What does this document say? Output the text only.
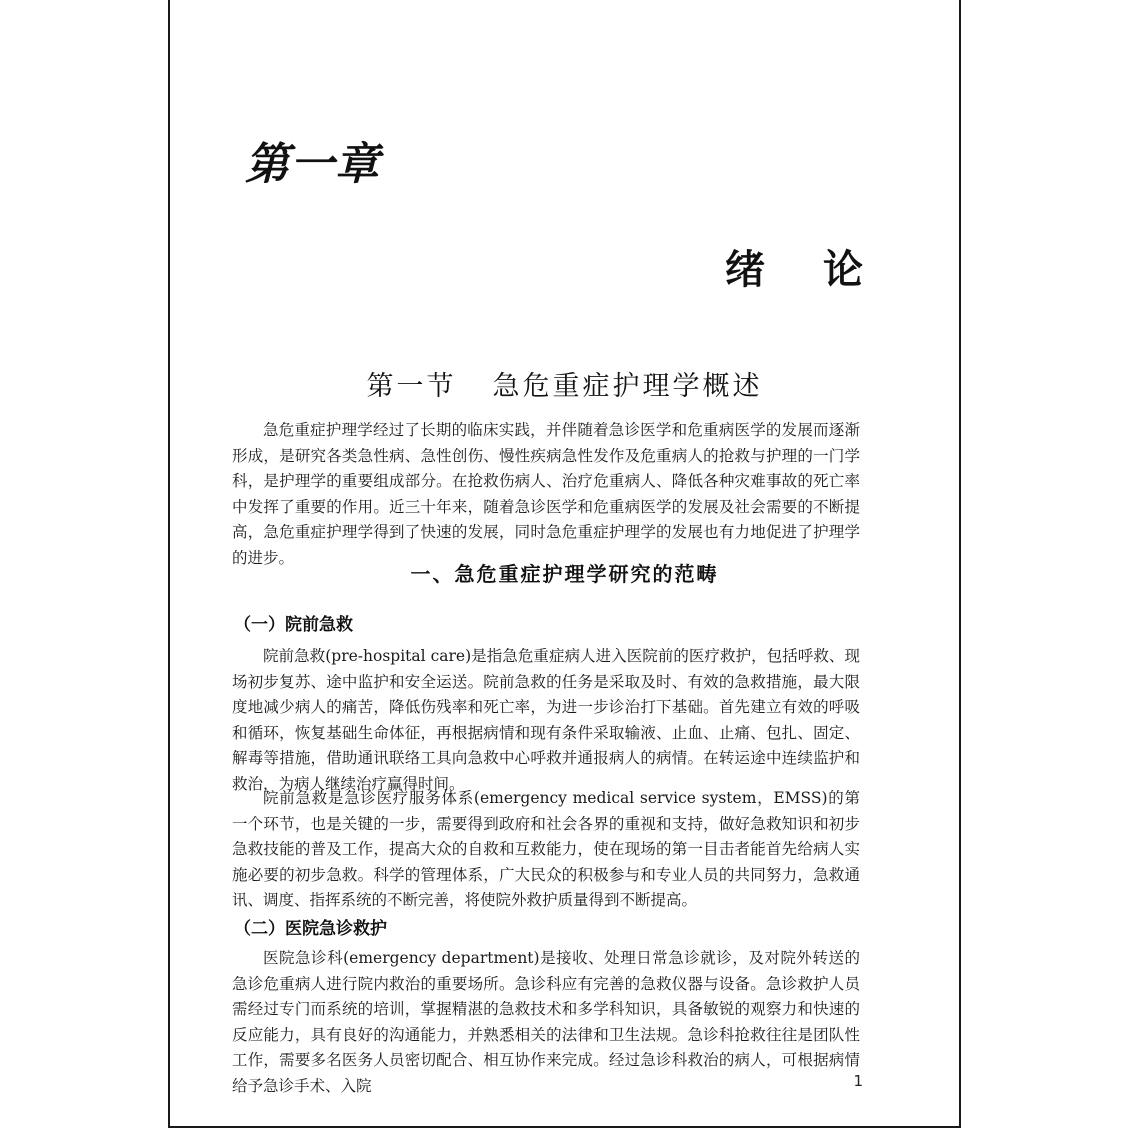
第一章
绪论
第一节 急危重症护理学概述

急危重症护理学经过了长期的临床实践，并伴随着急诊医学和危重病医学的发展而逐渐形成，是研究各类急性病、急性创伤、慢性疾病急性发作及危重病人的抢救与护理的一门学科，是护理学的重要组成部分。在抢救伤病人、治疗危重病人、降低各种灾难事故的死亡率中发挥了重要的作用。近三十年来，随着急诊医学和危重病医学的发展及社会需要的不断提高，急危重症护理学得到了快速的发展，同时急危重症护理学的发展也有力地促进了护理学的进步。

一、急危重症护理学研究的范畴
（一）院前急救

院前急救(pre-hospital care)是指急危重症病人进入医院前的医疗救护，包括呼救、现场初步复苏、途中监护和安全运送。院前急救的任务是采取及时、有效的急救措施，最大限度地减少病人的痛苦，降低伤残率和死亡率，为进一步诊治打下基础。首先建立有效的呼吸和循环，恢复基础生命体征，再根据病情和现有条件采取输液、止血、止痛、包扎、固定、解毒等措施，借助通讯联络工具向急救中心呼救并通报病人的病情。在转运途中连续监护和救治，为病人继续治疗赢得时间。

院前急救是急诊医疗服务体系(emergency medical service system，EMSS)的第一个环节，也是关键的一步，需要得到政府和社会各界的重视和支持，做好急救知识和初步急救技能的普及工作，提高大众的自救和互救能力，使在现场的第一目击者能首先给病人实施必要的初步急救。科学的管理体系，广大民众的积极参与和专业人员的共同努力，急救通讯、调度、指挥系统的不断完善，将使院外救护质量得到不断提高。

（二）医院急诊救护

医院急诊科(emergency department)是接收、处理日常急诊就诊，及对院外转送的急诊危重病人进行院内救治的重要场所。急诊科应有完善的急救仪器与设备。急诊救护人员需经过专门而系统的培训，掌握精湛的急救技术和多学科知识，具备敏锐的观察力和快速的反应能力，具有良好的沟通能力，并熟悉相关的法律和卫生法规。急诊科抢救往往是团队性工作，需要多名医务人员密切配合、相互协作来完成。经过急诊科救治的病人，可根据病情给予急诊手术、入院	1
